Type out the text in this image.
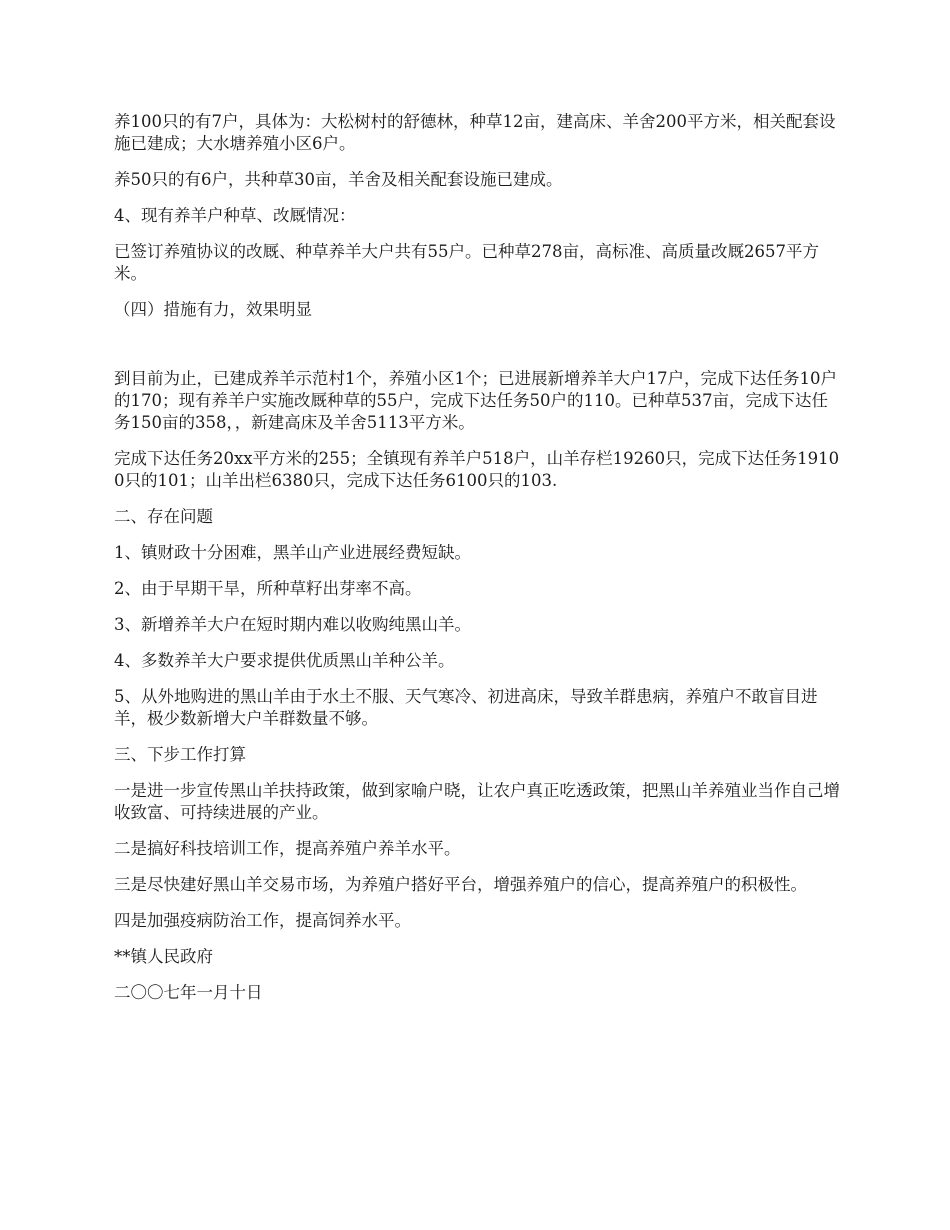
养100只的有7户，具体为：大松树村的舒德林，种草12亩，建高床、羊舍200平方米，相关配套设施已建成；大水塘养殖小区6户。

养50只的有6户，共种草30亩，羊舍及相关配套设施已建成。

4、现有养羊户种草、改厩情况：

已签订养殖协议的改厩、种草养羊大户共有55户。已种草278亩，高标准、高质量改厩2657平方米。

（四）措施有力，效果明显

到目前为止，已建成养羊示范村1个，养殖小区1个；已进展新增养羊大户17户，完成下达任务10户的170；现有养羊户实施改厩种草的55户，完成下达任务50户的110。已种草537亩，完成下达任务150亩的358，，新建高床及羊舍5113平方米。

完成下达任务20xx平方米的255；全镇现有养羊户518户，山羊存栏19260只，完成下达任务19100只的101；山羊出栏6380只，完成下达任务6100只的103.

二、存在问题

1、镇财政十分困难，黑羊山产业进展经费短缺。

2、由于早期干旱，所种草籽出芽率不高。

3、新增养羊大户在短时期内难以收购纯黑山羊。

4、多数养羊大户要求提供优质黑山羊种公羊。

5、从外地购进的黑山羊由于水土不服、天气寒冷、初进高床，导致羊群患病，养殖户不敢盲目进羊，极少数新增大户羊群数量不够。

三、下步工作打算

一是进一步宣传黑山羊扶持政策，做到家喻户晓，让农户真正吃透政策，把黑山羊养殖业当作自己增收致富、可持续进展的产业。

二是搞好科技培训工作，提高养殖户养羊水平。

三是尽快建好黑山羊交易市场，为养殖户搭好平台，增强养殖户的信心，提高养殖户的积极性。

四是加强疫病防治工作，提高饲养水平。

**镇人民政府

二〇〇七年一月十日
